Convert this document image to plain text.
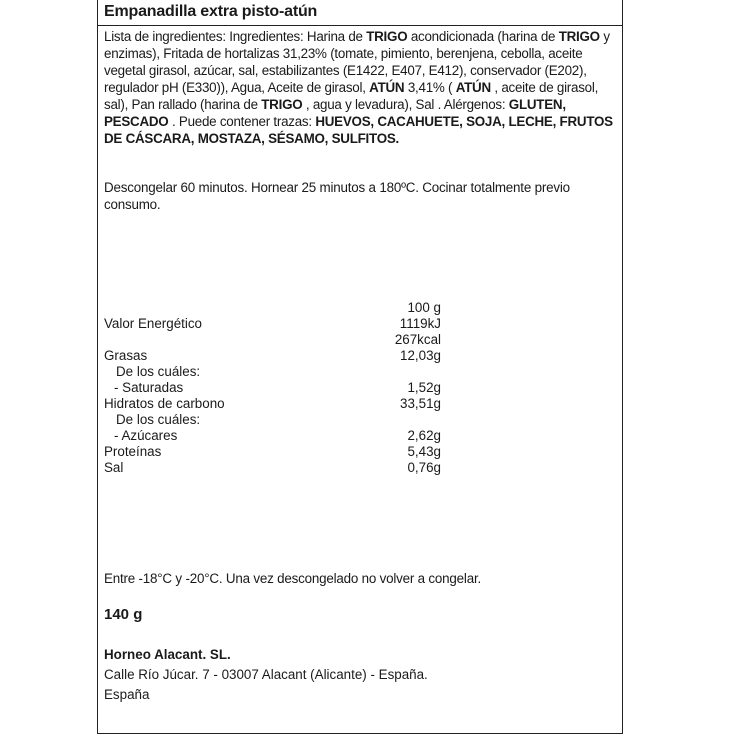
Empanadilla extra pisto-atún
Lista de ingredientes: Ingredientes: Harina de TRIGO acondicionada (harina de TRIGO y enzimas), Fritada de hortalizas 31,23% (tomate, pimiento, berenjena, cebolla, aceite vegetal girasol, azúcar, sal, estabilizantes (E1422, E407, E412), conservador (E202), regulador pH (E330)), Agua, Aceite de girasol, ATÚN 3,41% ( ATÚN , aceite de girasol, sal), Pan rallado (harina de TRIGO , agua y levadura), Sal . Alérgenos: GLUTEN, PESCADO . Puede contener trazas: HUEVOS, CACAHUETE, SOJA, LECHE, FRUTOS DE CÁSCARA, MOSTAZA, SÉSAMO, SULFITOS.
Descongelar 60 minutos. Hornear 25 minutos a 180ºC. Cocinar totalmente previo consumo.
100 g
Valor Energético	1119kJ
267kcal
Grasas	12,03g
De los cuáles:
- Saturadas	1,52g
Hidratos de carbono	33,51g
De los cuáles:
- Azúcares	2,62g
Proteínas	5,43g
Sal	0,76g
Entre -18°C y -20°C. Una vez descongelado no volver a congelar.
140 g
Horneo Alacant. SL.
Calle Río Júcar. 7 - 03007 Alacant (Alicante) - España.
España
